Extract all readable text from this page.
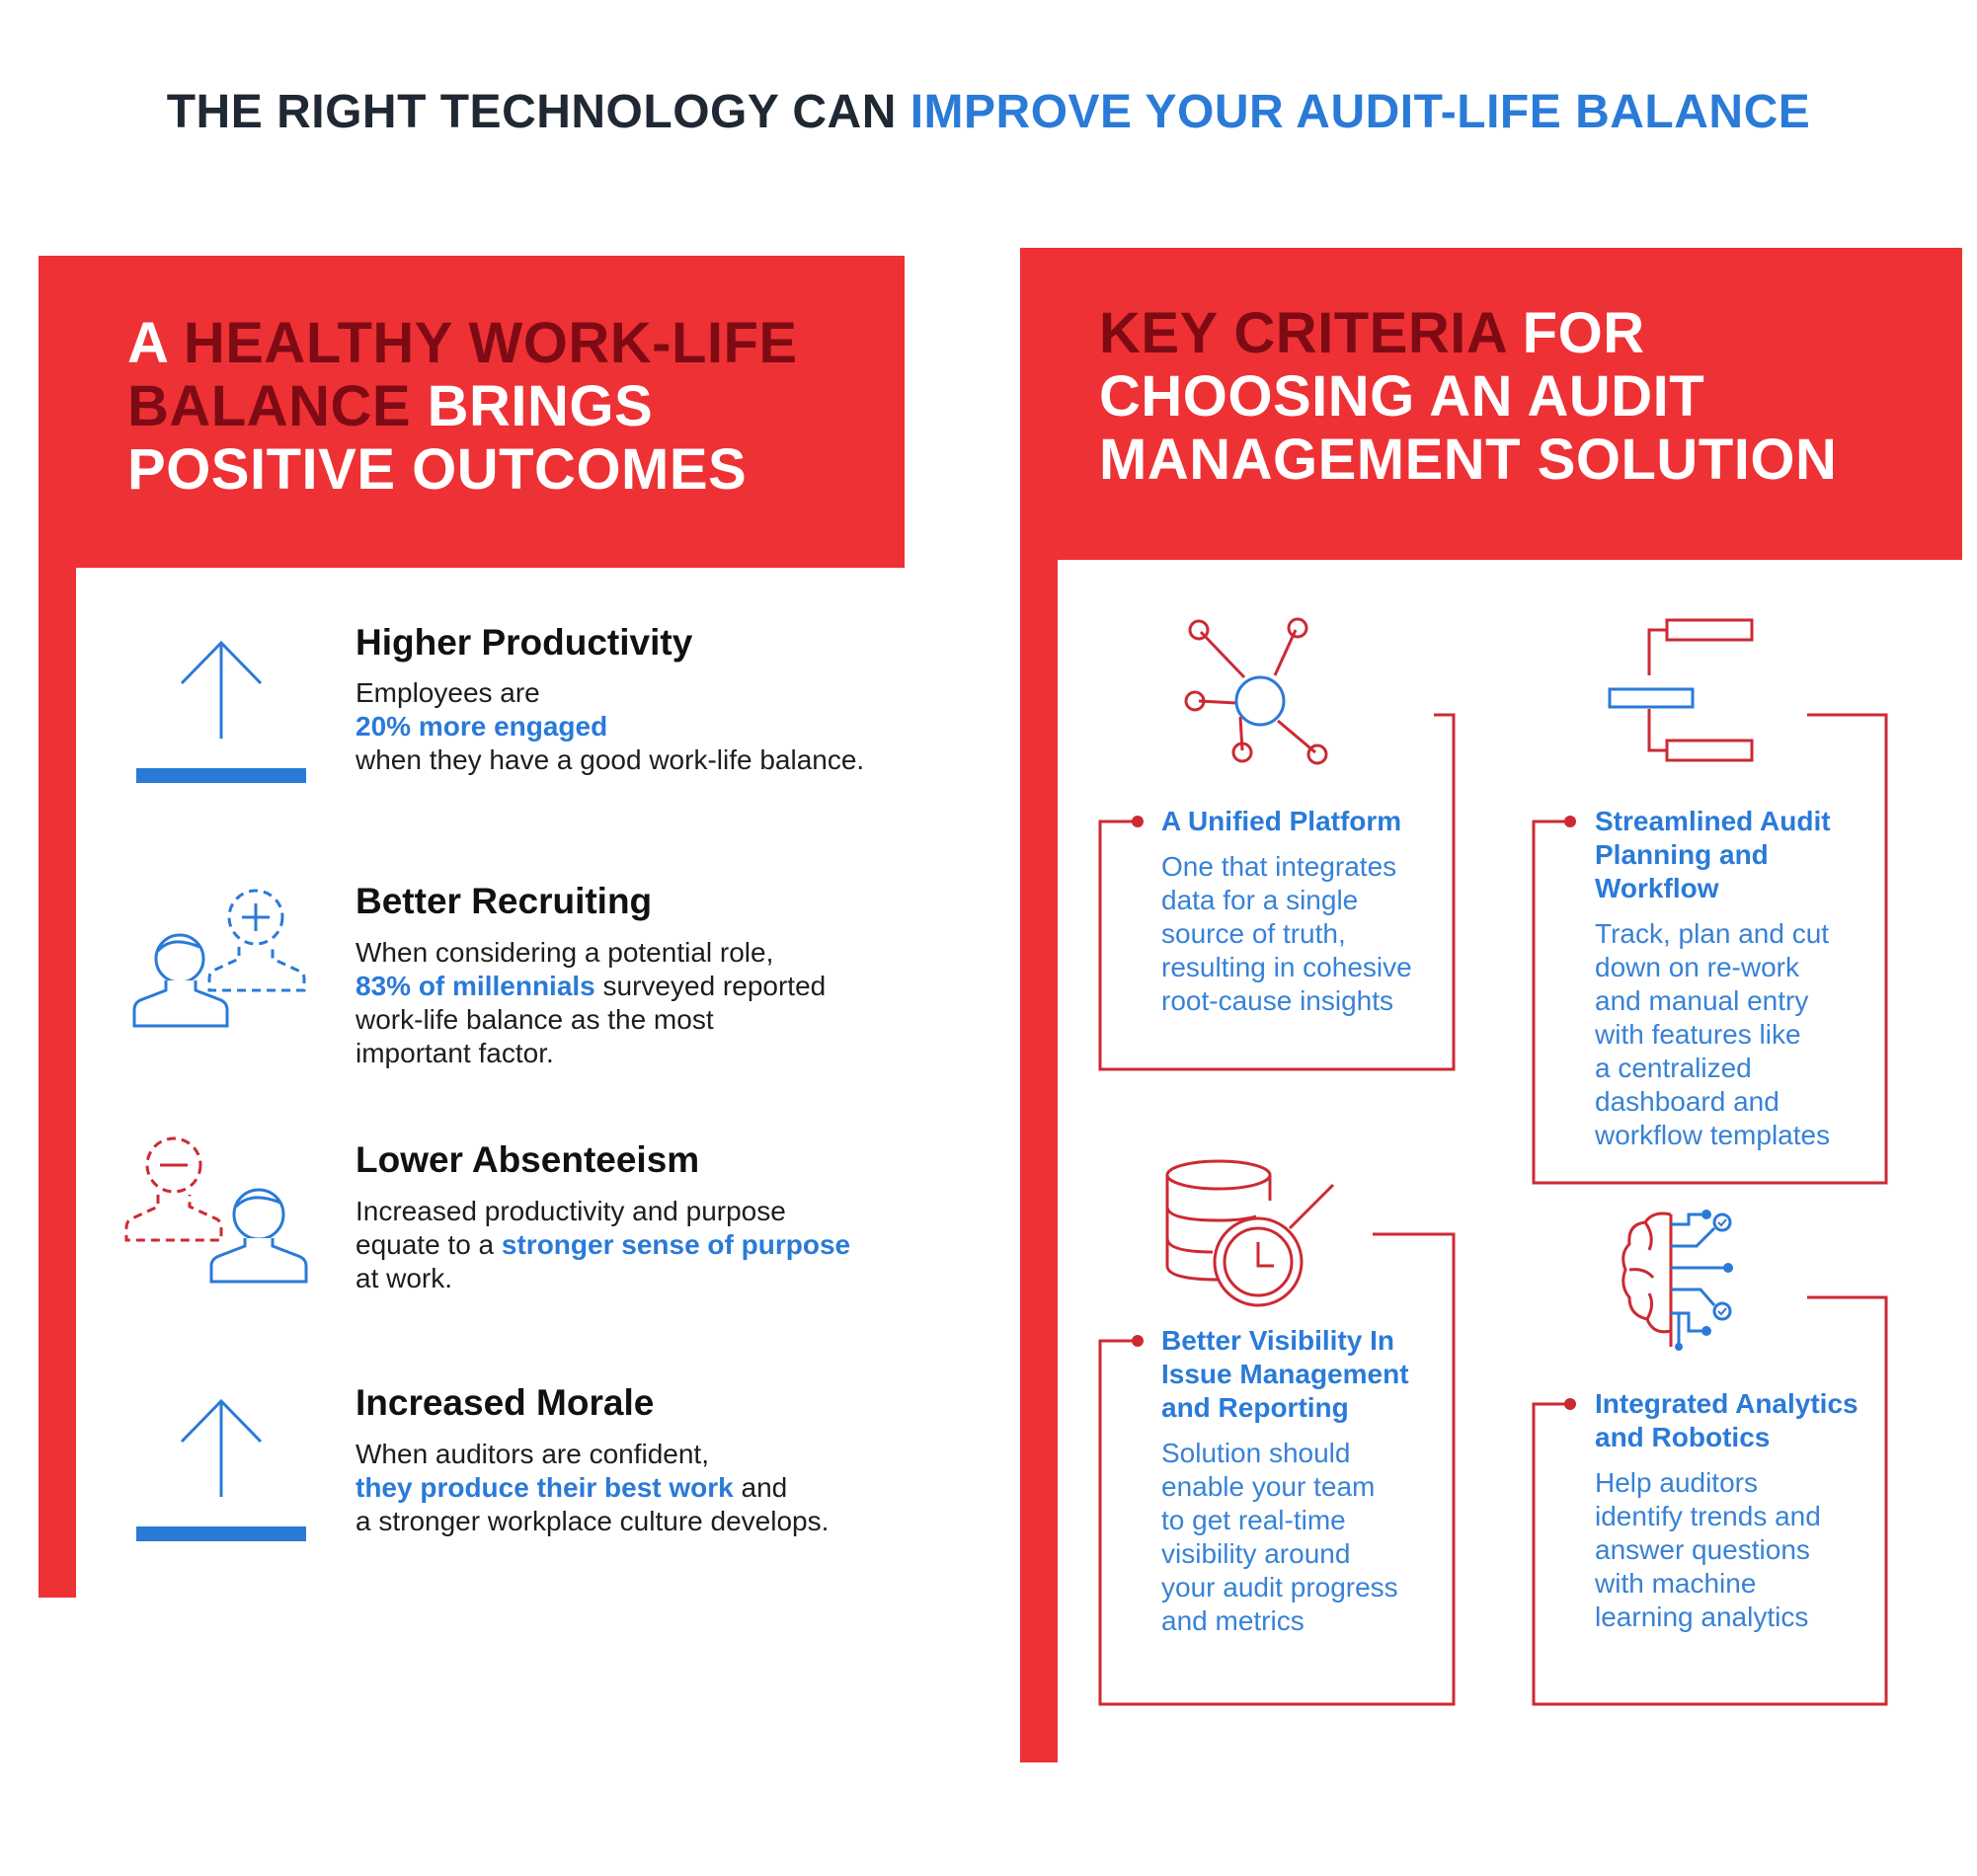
THE RIGHT TECHNOLOGY CAN IMPROVE YOUR AUDIT-LIFE BALANCE
A HEALTHY WORK-LIFE
BALANCE BRINGS
POSITIVE OUTCOMES
Higher Productivity
Employees are
20% more engaged
when they have a good work-life balance.
Better Recruiting
When considering a potential role,
83% of millennials surveyed reported
work-life balance as the most
important factor.
Lower Absenteeism
Increased productivity and purpose
equate to a stronger sense of purpose
at work.
Increased Morale
When auditors are confident,
they produce their best work and
a stronger workplace culture develops.
KEY CRITERIA FOR
CHOOSING AN AUDIT
MANAGEMENT SOLUTION
A Unified Platform
One that integrates
data for a single
source of truth,
resulting in cohesive
root-cause insights
Streamlined Audit
Planning and
Workflow
Track, plan and cut
down on re-work
and manual entry
with features like
a centralized
dashboard and
workflow templates
Better Visibility In
Issue Management
and Reporting
Solution should
enable your team
to get real-time
visibility around
your audit progress
and metrics
Integrated Analytics
and Robotics
Help auditors
identify trends and
answer questions
with machine
learning analytics
